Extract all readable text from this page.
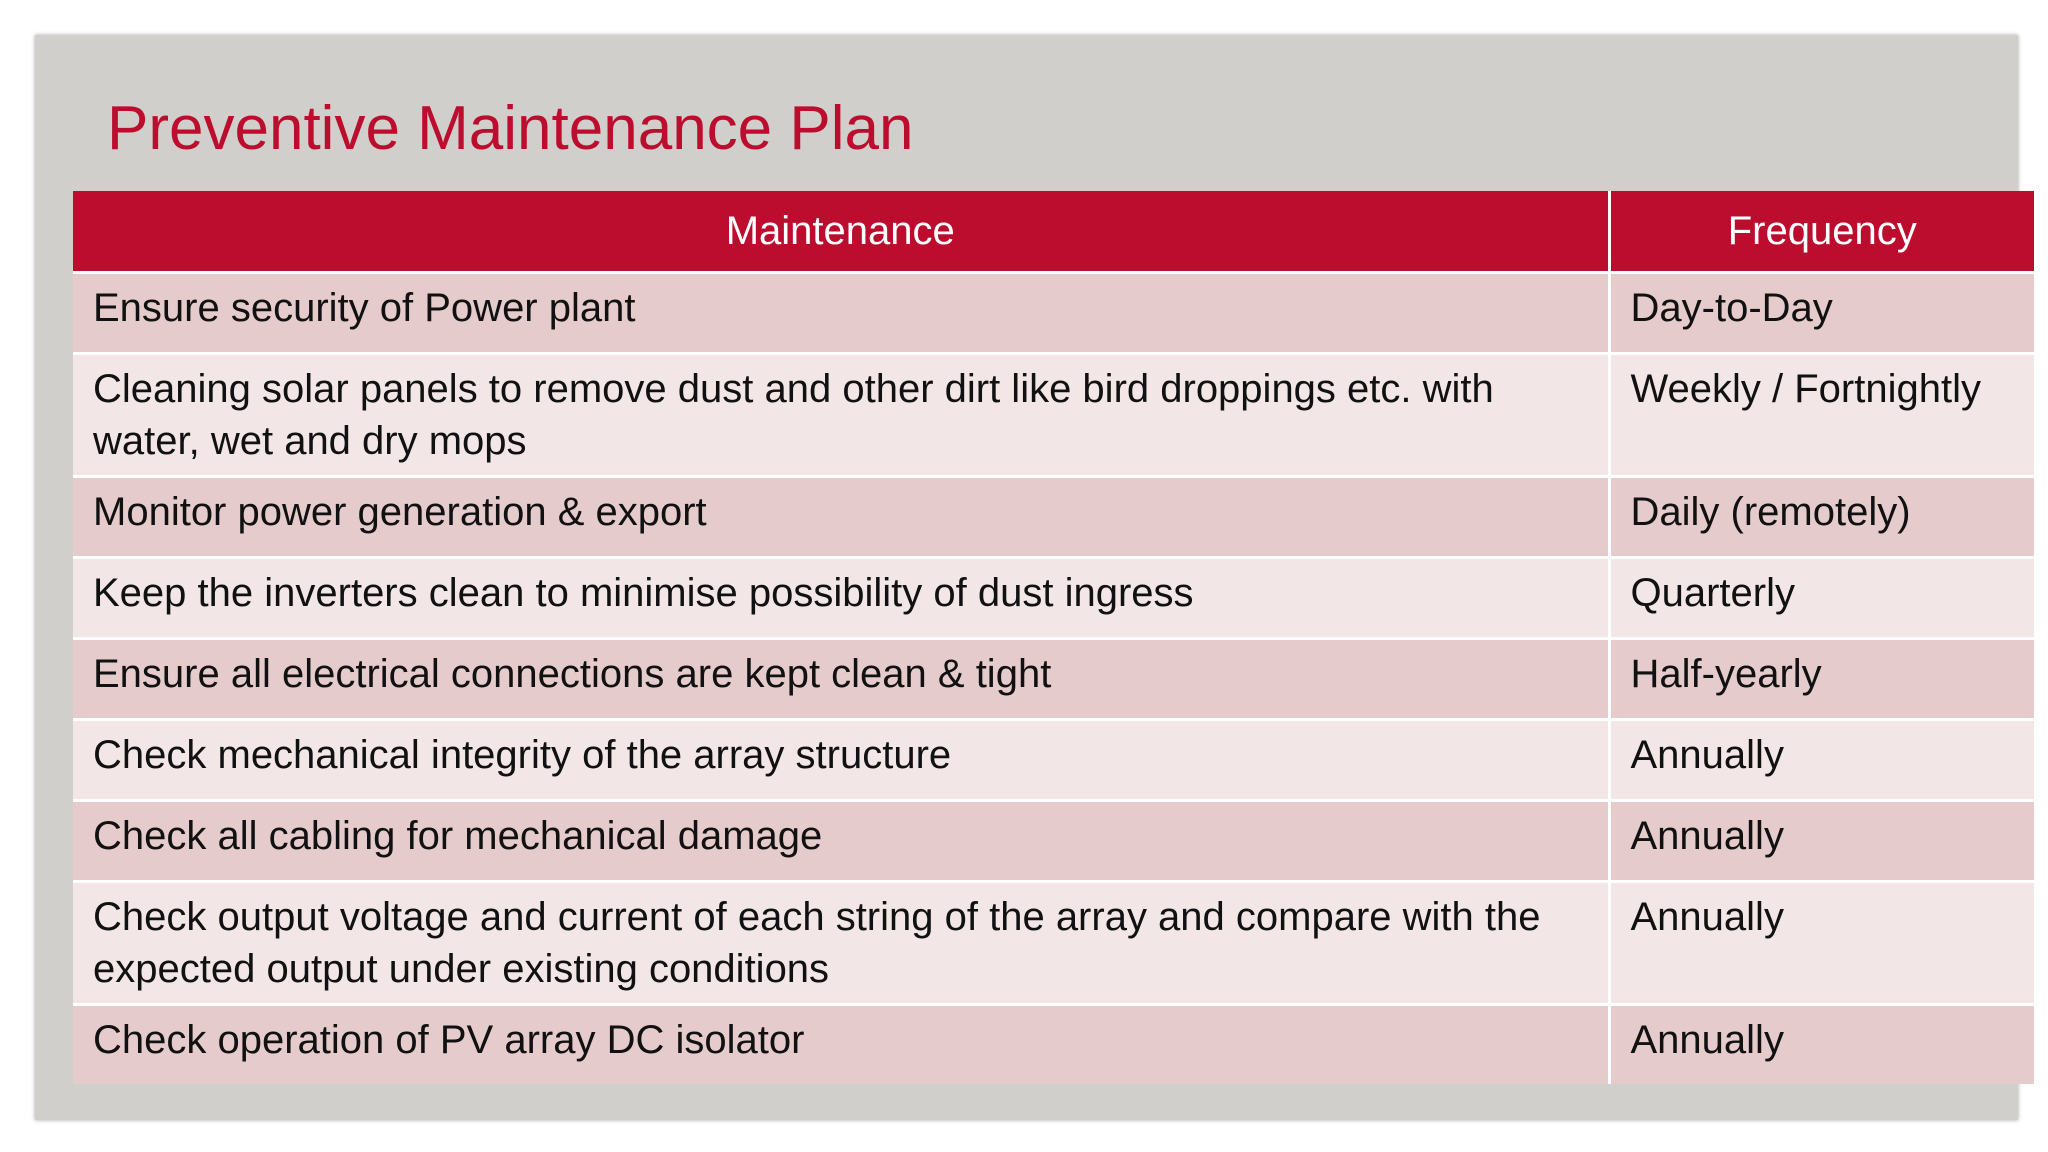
Preventive Maintenance Plan
Maintenance	Frequency
Ensure security of Power plant	Day-to-Day
Cleaning solar panels to remove dust and other dirt like bird droppings etc. with water, wet and dry mops	Weekly / Fortnightly
Monitor power generation & export	Daily (remotely)
Keep the inverters clean to minimise possibility of dust ingress	Quarterly
Ensure all electrical connections are kept clean & tight	Half-yearly
Check mechanical integrity of the array structure	Annually
Check all cabling for mechanical damage	Annually
Check output voltage and current of each string of the array and compare with the expected output under existing conditions	Annually
Check operation of PV array DC isolator	Annually
